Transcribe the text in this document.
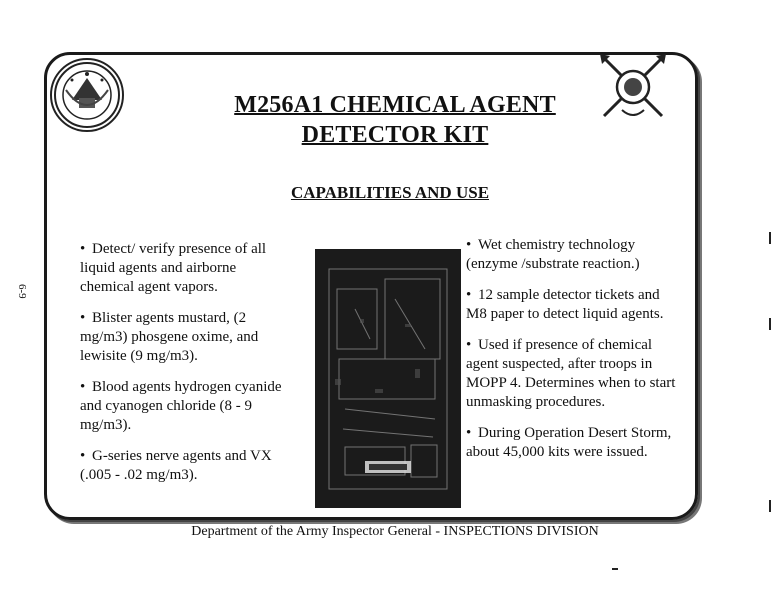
M256A1 CHEMICAL AGENT
DETECTOR KIT
CAPABILITIES AND USE
• Detect/ verify presence of all liquid agents and airborne chemical agent vapors.
• Blister agents mustard, (2 mg/m3) phosgene oxime, and lewisite (9 mg/m3).
• Blood agents hydrogen cyanide and cyanogen chloride (8 - 9 mg/m3).
• G-series nerve agents and VX (.005 - .02 mg/m3).
• Wet chemistry technology (enzyme /substrate reaction.)
• 12 sample detector tickets and M8 paper to detect liquid agents.
• Used if presence of chemical agent suspected, after troops in MOPP 4. Determines when to start unmasking procedures.
• During Operation Desert Storm, about 45,000 kits were issued.
Department of the Army Inspector General - INSPECTIONS DIVISION
6-9
